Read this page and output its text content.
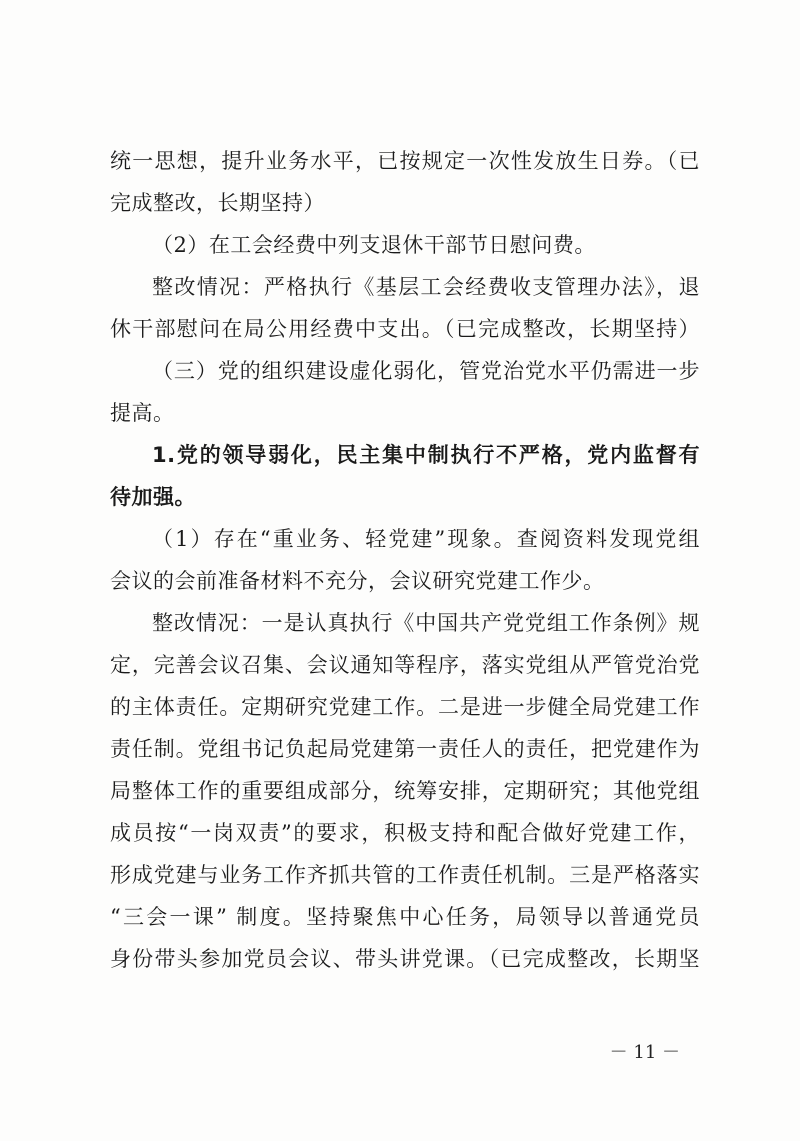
统一思想，提升业务水平，已按规定一次性发放生日券。（已
完成整改，长期坚持）
（2）在工会经费中列支退休干部节日慰问费。
整改情况：严格执行《基层工会经费收支管理办法》，退
休干部慰问在局公用经费中支出。（已完成整改，长期坚持）
（三）党的组织建设虚化弱化，管党治党水平仍需进一步
提高。
1.党的领导弱化，民主集中制执行不严格，党内监督有
待加强。
（1）存在“重业务、轻党建”现象。查阅资料发现党组
会议的会前准备材料不充分，会议研究党建工作少。
整改情况：一是认真执行《中国共产党党组工作条例》规
定，完善会议召集、会议通知等程序，落实党组从严管党治党
的主体责任。定期研究党建工作。二是进一步健全局党建工作
责任制。党组书记负起局党建第一责任人的责任，把党建作为
局整体工作的重要组成部分，统筹安排，定期研究；其他党组
成员按“一岗双责”的要求，积极支持和配合做好党建工作，
形成党建与业务工作齐抓共管的工作责任机制。三是严格落实
“三会一课” 制度。坚持聚焦中心任务，局领导以普通党员
身份带头参加党员会议、带头讲党课。（已完成整改，长期坚
－ 11 －
